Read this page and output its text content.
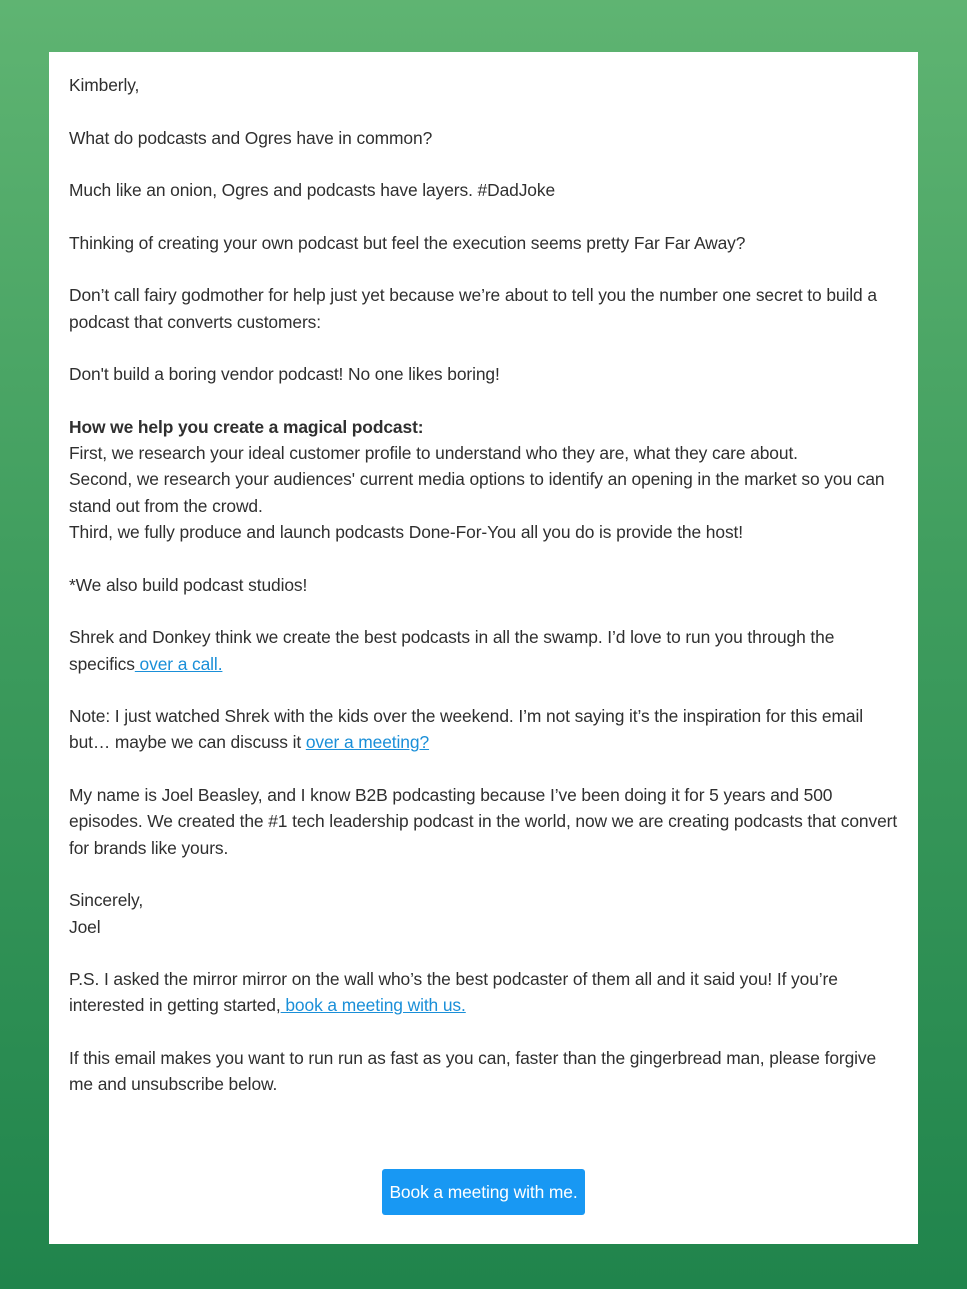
Kimberly,

What do podcasts and Ogres have in common?

Much like an onion, Ogres and podcasts have layers. #DadJoke

Thinking of creating your own podcast but feel the execution seems pretty Far Far Away?

Don’t call fairy godmother for help just yet because we’re about to tell you the number one secret to build a podcast that converts customers:

Don't build a boring vendor podcast! No one likes boring!

How we help you create a magical podcast:
First, we research your ideal customer profile to understand who they are, what they care about.
Second, we research your audiences' current media options to identify an opening in the market so you can stand out from the crowd.
Third, we fully produce and launch podcasts Done-For-You all you do is provide the host!

*We also build podcast studios!

Shrek and Donkey think we create the best podcasts in all the swamp. I’d love to run you through the specifics over a call.

Note: I just watched Shrek with the kids over the weekend. I’m not saying it’s the inspiration for this email but… maybe we can discuss it over a meeting?

My name is Joel Beasley, and I know B2B podcasting because I’ve been doing it for 5 years and 500 episodes. We created the #1 tech leadership podcast in the world, now we are creating podcasts that convert for brands like yours.

Sincerely,
Joel

P.S. I asked the mirror mirror on the wall who’s the best podcaster of them all and it said you! If you’re interested in getting started, book a meeting with us.

If this email makes you want to run run as fast as you can, faster than the gingerbread man, please forgive me and unsubscribe below.

Book a meeting with me.
